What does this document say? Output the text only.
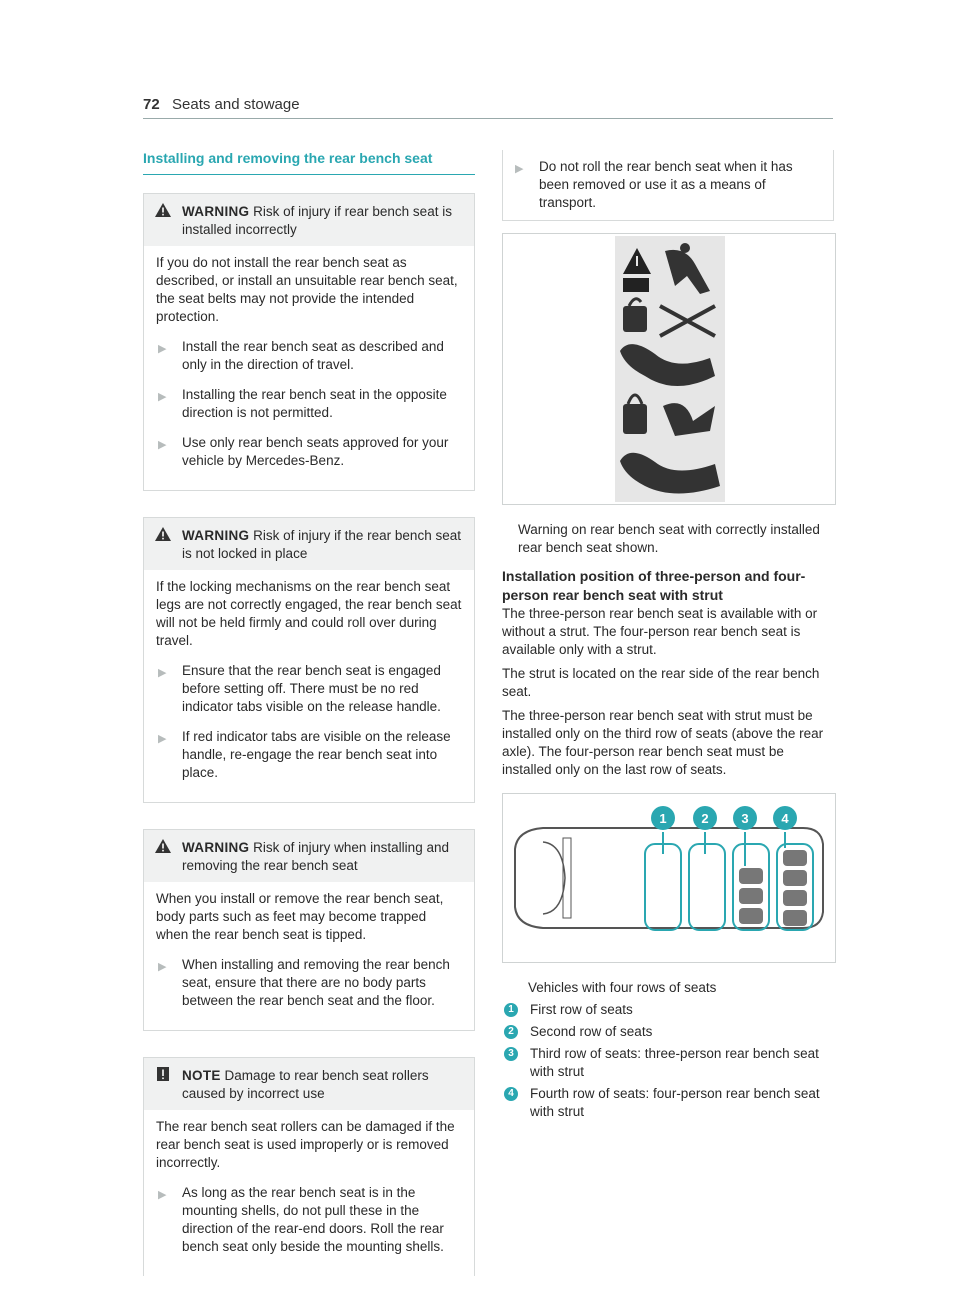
72 Seats and stowage
Installing and removing the rear bench seat
WARNING Risk of injury if rear bench seat is installed incorrectly

If you do not install the rear bench seat as described, or install an unsuitable rear bench seat, the seat belts may not provide the intended protection.

▶	Install the rear bench seat as described and only in the direction of travel.
▶	Installing the rear bench seat in the opposite direction is not permitted.
▶	Use only rear bench seats approved for your vehicle by Mercedes-Benz.
WARNING Risk of injury if the rear bench seat is not locked in place

If the locking mechanisms on the rear bench seat legs are not correctly engaged, the rear bench seat will not be held firmly and could roll over during travel.

▶	Ensure that the rear bench seat is engaged before setting off. There must be no red indicator tabs visible on the release handle.
▶	If red indicator tabs are visible on the release handle, re-engage the rear bench seat into place.
WARNING Risk of injury when installing and removing the rear bench seat

When you install or remove the rear bench seat, body parts such as feet may become trapped when the rear bench seat is tipped.

▶	When installing and removing the rear bench seat, ensure that there are no body parts between the rear bench seat and the floor.
NOTE Damage to rear bench seat rollers caused by incorrect use

The rear bench seat rollers can be damaged if the rear bench seat is used improperly or is removed incorrectly.

▶	As long as the rear bench seat is in the mounting shells, do not pull these in the direction of the rear-end doors. Roll the rear bench seat only beside the mounting shells.
▶	Do not roll the rear bench seat when it has been removed or use it as a means of transport.
Warning on rear bench seat with correctly installed rear bench seat shown.
Installation position of three-person and four-person rear bench seat with strut

The three-person rear bench seat is available with or without a strut. The four-person rear bench seat is available only with a strut.

The strut is located on the rear side of the rear bench seat.

The three-person rear bench seat with strut must be installed only on the third row of seats (above the rear axle). The four-person rear bench seat must be installed only on the last row of seats.

1	2	3	4
Vehicles with four rows of seats
1	First row of seats
2	Second row of seats
3	Third row of seats: three-person rear bench seat with strut
4	Fourth row of seats: four-person rear bench seat with strut
